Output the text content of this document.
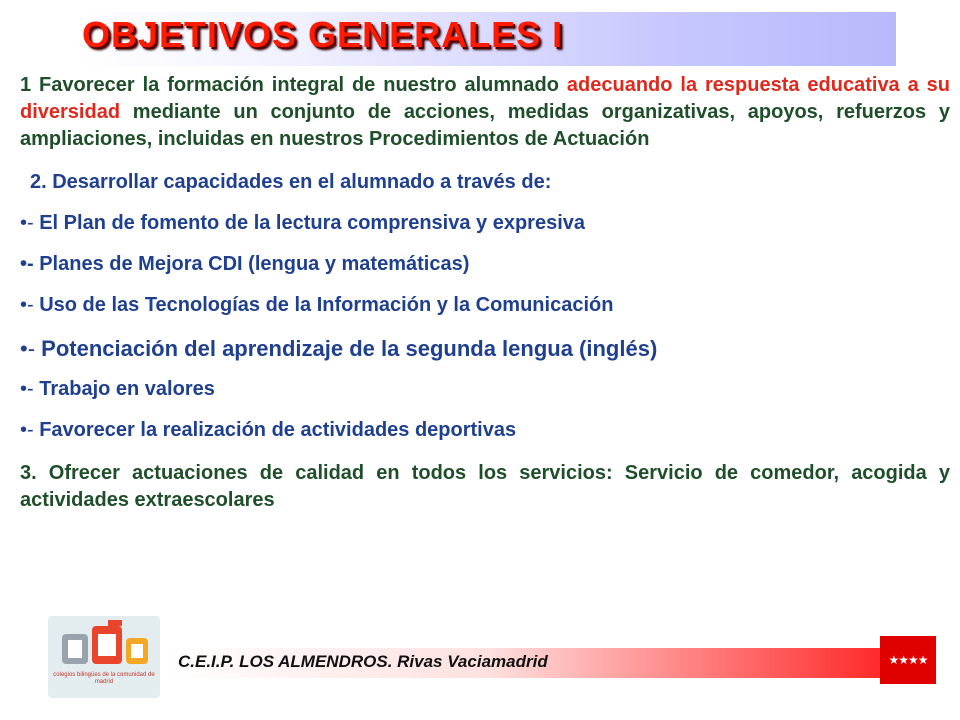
OBJETIVOS GENERALES I

1 Favorecer la formación integral de nuestro alumnado adecuando la respuesta educativa a su diversidad mediante un conjunto de acciones, medidas organizativas, apoyos, refuerzos y ampliaciones, incluidas en nuestros Procedimientos de Actuación

2. Desarrollar capacidades en el alumnado a través de:
•- El Plan de fomento de la lectura comprensiva y expresiva
•- Planes de Mejora CDI (lengua y matemáticas)
•- Uso de las Tecnologías de la Información y la Comunicación
•- Potenciación del aprendizaje de la segunda lengua (inglés)
•- Trabajo en valores
•- Favorecer la realización de actividades deportivas

3. Ofrecer actuaciones de calidad en todos los servicios: Servicio de comedor, acogida y actividades extraescolares

colegios bilingües de la comunidad de madrid
C.E.I.P. LOS ALMENDROS. Rivas Vaciamadrid	★★★★
